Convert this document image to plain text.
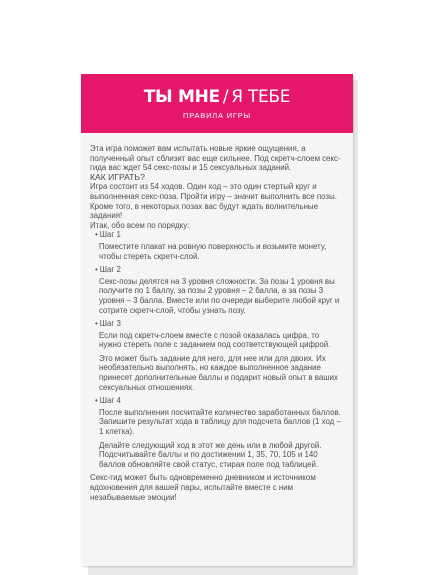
ТЫ МНЕ / Я ТЕБЕ
ПРАВИЛА ИГРЫ

Эта игра поможет вам испытать новые яркие ощущения, а полученный опыт сблизит вас еще сильнее. Под скретч-слоем секс-гида вас ждет 54 секс-позы и 15 сексуальных заданий.

КАК ИГРАТЬ?

Игра состоит из 54 ходов. Один ход – это один стертый круг и выполненная секс-поза. Пройти игру – значит выполнить все позы. Кроме того, в некоторых позах вас будут ждать волнительные задания!

Итак, обо всем по порядку:

• Шаг 1

Поместите плакат на ровную поверхность и возьмите монету, чтобы стереть скретч-слой.

• Шаг 2

Секс-позы делятся на 3 уровня сложности. За позы 1 уровня вы получите по 1 баллу, за позы 2 уровня – 2 балла, а за позы 3 уровня – 3 балла. Вместе или по очереди выберите любой круг и сотрите скретч-слой, чтобы узнать позу.

• Шаг 3

Если под скретч-слоем вместе с позой оказалась цифра, то нужно стереть поле с заданием под соответствующей цифрой.

Это может быть задание для него, для нее или для двоих. Их необязательно выполнять, но каждое выполненное задание принесет дополнительные баллы и подарит новый опыт в ваших сексуальных отношениях.

• Шаг 4

После выполнения посчитайте количество заработанных баллов. Запишите результат хода в таблицу для подсчета баллов (1 ход – 1 клетка).

Делайте следующий ход в этот же день или в любой другой. Подсчитывайте баллы и по достижении 1, 35, 70, 105 и 140 баллов обновляйте свой статус, стирая поле под таблицей.

Секс-гид может быть одновременно дневником и источником вдохновения для вашей пары, испытайте вместе с ним незабываемые эмоции!
